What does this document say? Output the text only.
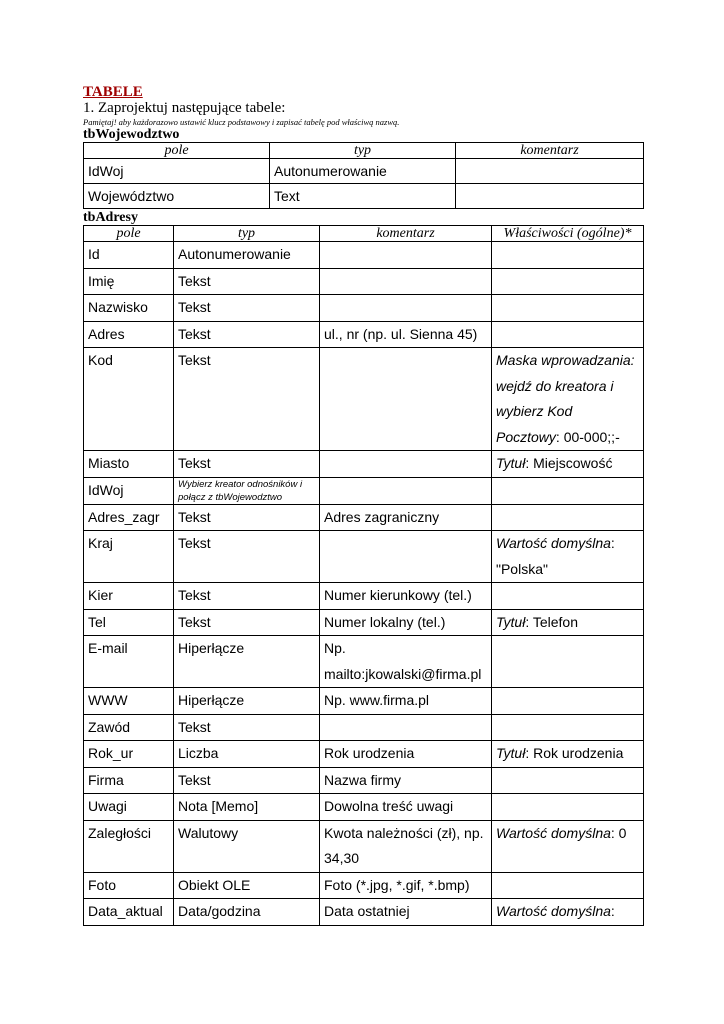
TABELE
1. Zaprojektuj następujące tabele:
Pamiętaj! aby każdorazowo ustawić klucz podstawowy i zapisać tabelę pod właściwą nazwą.
tbWojewodztwo
pole	typ	komentarz
IdWoj	Autonumerowanie	
Województwo	Text	
tbAdresy
pole	typ	komentarz	Właściwości (ogólne)*
Id	Autonumerowanie		
Imię	Tekst		
Nazwisko	Tekst		
Adres	Tekst	ul., nr (np. ul. Sienna 45)	
Kod	Tekst		Maska wprowadzania: wejdź do kreatora i wybierz Kod Pocztowy: 00-000;;-
Miasto	Tekst		Tytuł: Miejscowość
IdWoj	Wybierz kreator odnośników i połącz z tbWojewodztwo		
Adres_zagr	Tekst	Adres zagraniczny	
Kraj	Tekst		Wartość domyślna: "Polska"
Kier	Tekst	Numer kierunkowy (tel.)	
Tel	Tekst	Numer lokalny (tel.)	Tytuł: Telefon
E-mail	Hiperłącze	Np. mailto:jkowalski@firma.pl	
WWW	Hiperłącze	Np. www.firma.pl	
Zawód	Tekst		
Rok_ur	Liczba	Rok urodzenia	Tytuł: Rok urodzenia
Firma	Tekst	Nazwa firmy	
Uwagi	Nota [Memo]	Dowolna treść uwagi	
Zaległości	Walutowy	Kwota należności (zł), np. 34,30	Wartość domyślna: 0
Foto	Obiekt OLE	Foto (*.jpg, *.gif, *.bmp)	
Data_aktual	Data/godzina	Data ostatniej	Wartość domyślna:
